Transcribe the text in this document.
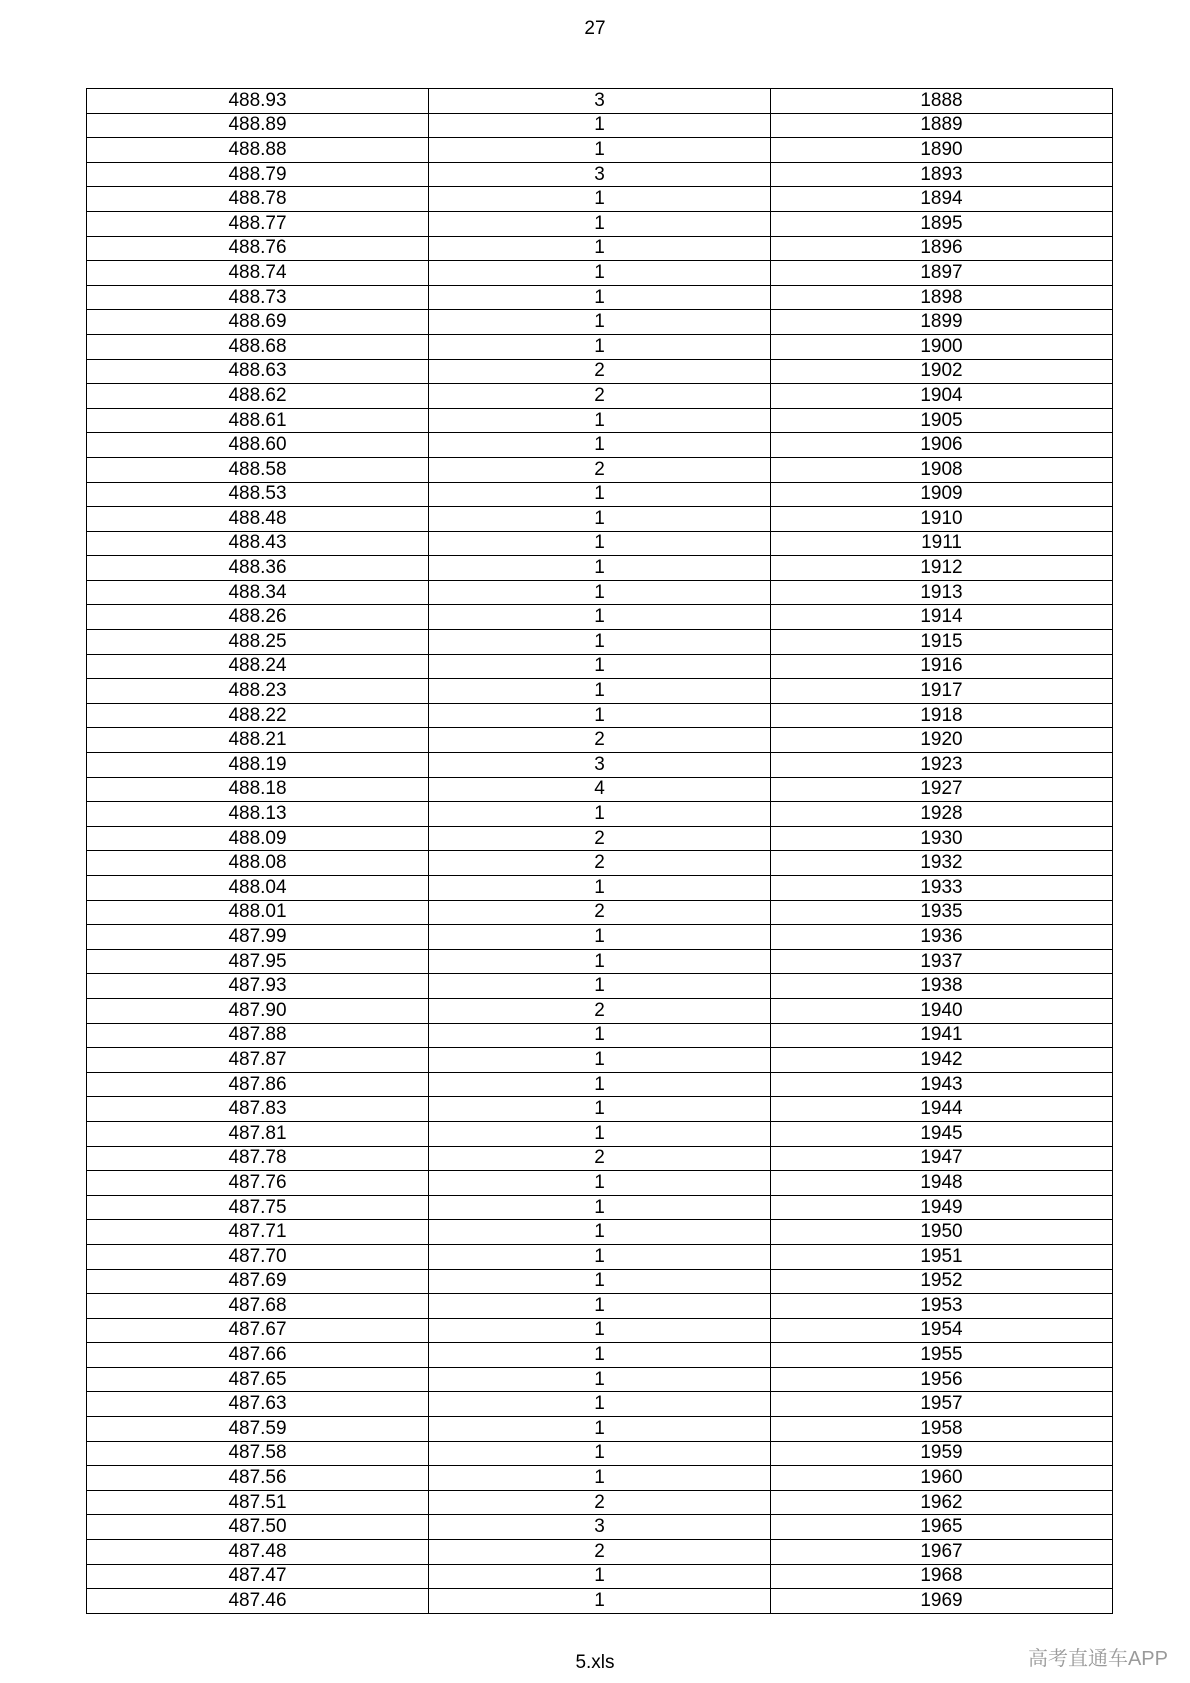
27
488.93	3	1888
488.89	1	1889
488.88	1	1890
488.79	3	1893
488.78	1	1894
488.77	1	1895
488.76	1	1896
488.74	1	1897
488.73	1	1898
488.69	1	1899
488.68	1	1900
488.63	2	1902
488.62	2	1904
488.61	1	1905
488.60	1	1906
488.58	2	1908
488.53	1	1909
488.48	1	1910
488.43	1	1911
488.36	1	1912
488.34	1	1913
488.26	1	1914
488.25	1	1915
488.24	1	1916
488.23	1	1917
488.22	1	1918
488.21	2	1920
488.19	3	1923
488.18	4	1927
488.13	1	1928
488.09	2	1930
488.08	2	1932
488.04	1	1933
488.01	2	1935
487.99	1	1936
487.95	1	1937
487.93	1	1938
487.90	2	1940
487.88	1	1941
487.87	1	1942
487.86	1	1943
487.83	1	1944
487.81	1	1945
487.78	2	1947
487.76	1	1948
487.75	1	1949
487.71	1	1950
487.70	1	1951
487.69	1	1952
487.68	1	1953
487.67	1	1954
487.66	1	1955
487.65	1	1956
487.63	1	1957
487.59	1	1958
487.58	1	1959
487.56	1	1960
487.51	2	1962
487.50	3	1965
487.48	2	1967
487.47	1	1968
487.46	1	1969
5.xls	高考直通车APP
